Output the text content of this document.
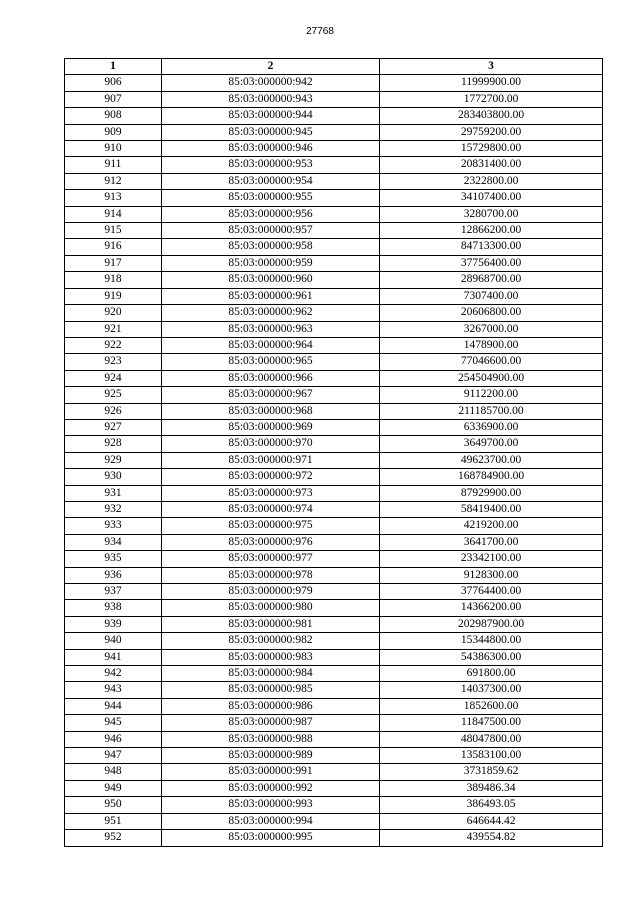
27768
1	2	3
906	85:03:000000:942	11999900.00
907	85:03:000000:943	1772700.00
908	85:03:000000:944	283403800.00
909	85:03:000000:945	29759200.00
910	85:03:000000:946	15729800.00
911	85:03:000000:953	20831400.00
912	85:03:000000:954	2322800.00
913	85:03:000000:955	34107400.00
914	85:03:000000:956	3280700.00
915	85:03:000000:957	12866200.00
916	85:03:000000:958	84713300.00
917	85:03:000000:959	37756400.00
918	85:03:000000:960	28968700.00
919	85:03:000000:961	7307400.00
920	85:03:000000:962	20606800.00
921	85:03:000000:963	3267000.00
922	85:03:000000:964	1478900.00
923	85:03:000000:965	77046600.00
924	85:03:000000:966	254504900.00
925	85:03:000000:967	9112200.00
926	85:03:000000:968	211185700.00
927	85:03:000000:969	6336900.00
928	85:03:000000:970	3649700.00
929	85:03:000000:971	49623700.00
930	85:03:000000:972	168784900.00
931	85:03:000000:973	87929900.00
932	85:03:000000:974	58419400.00
933	85:03:000000:975	4219200.00
934	85:03:000000:976	3641700.00
935	85:03:000000:977	23342100.00
936	85:03:000000:978	9128300.00
937	85:03:000000:979	37764400.00
938	85:03:000000:980	14366200.00
939	85:03:000000:981	202987900.00
940	85:03:000000:982	15344800.00
941	85:03:000000:983	54386300.00
942	85:03:000000:984	691800.00
943	85:03:000000:985	14037300.00
944	85:03:000000:986	1852600.00
945	85:03:000000:987	11847500.00
946	85:03:000000:988	48047800.00
947	85:03:000000:989	13583100.00
948	85:03:000000:991	3731859.62
949	85:03:000000:992	389486.34
950	85:03:000000:993	386493.05
951	85:03:000000:994	646644.42
952	85:03:000000:995	439554.82
